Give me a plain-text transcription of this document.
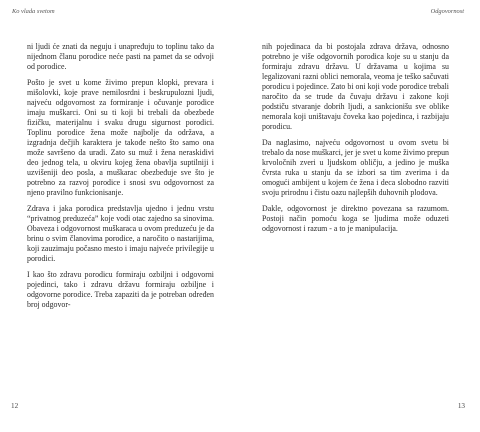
Ko vlada svetom

ni ljudi će znati da neguju i unapređuju to toplinu tako da nijednom članu porodice neće pasti na pamet da se odvoji od porodice.

Pošto je svet u kome živimo prepun klopki, prevara i mišolovki, koje prave nemilosrdni i beskrupulozni ljudi, najveću odgovornost za formiranje i očuvanje porodice imaju muškarci. Oni su ti koji bi trebali da obezbede fizičku, materijalnu i svaku drugu sigurnost porodici. Toplinu porodice žena može najbolje da održava, a izgradnja dečjih karaktera je takođe nešto što samo ona može savršeno da uradi. Zato su muž i žena neraskidivi deo jednog tela, u okviru kojeg žena obavlja suptilniji i uzvišeniji deo posla, a muškarac obezbeđuje sve što je potrebno za razvoj porodice i snosi svu odgovornost za njeno pravilno funkcionisanje.

Zdrava i jaka porodica predstavlja ujedno i jednu vrstu “privatnog preduzeća” koje vodi otac zajedno sa sinovima. Obaveza i odgovornost muškaraca u ovom preduzeću je da brinu o svim članovima porodice, a naročito o nastarijima, koji zauzimaju počasno mesto i imaju najveće privilegije u porodici.

I kao što zdravu porodicu formiraju ozbiljni i odgovorni pojedinci, tako i zdravu državu formiraju ozbiljne i odgovorne porodice. Treba zapaziti da je potreban određen broj odgovor-

12
Odgovornost

nih pojedinaca da bi postojala zdrava država, odnosno potrebno je više odgovornih porodica koje su u stanju da formiraju zdravu državu. U državama u kojima su legalizovani razni oblici nemorala, veoma je teško sačuvati porodicu i pojedince. Zato bi oni koji vode porodice trebali naročito da se trude da čuvaju državu i zakone koji podstiču stvaranje dobrih ljudi, a sankcionišu sve oblike nemorala koji uništavaju čoveka kao pojedinca, i razbijaju porodicu.

Da naglasimo, najveću odgovornost u ovom svetu bi trebalo da nose muškarci, jer je svet u kome živimo prepun krvoločnih zveri u ljudskom obličju, a jedino je muška čvrsta ruka u stanju da se izbori sa tim zverima i da omogući ambijent u kojem će žena i deca slobodno razviti svoju prirodnu i čistu oazu najlepših duhovnih plodova.

Dakle, odgovornost je direktno povezana sa razumom. Postoji način pomoću koga se ljudima može oduzeti odgovornost i razum - a to je manipulacija.

13
